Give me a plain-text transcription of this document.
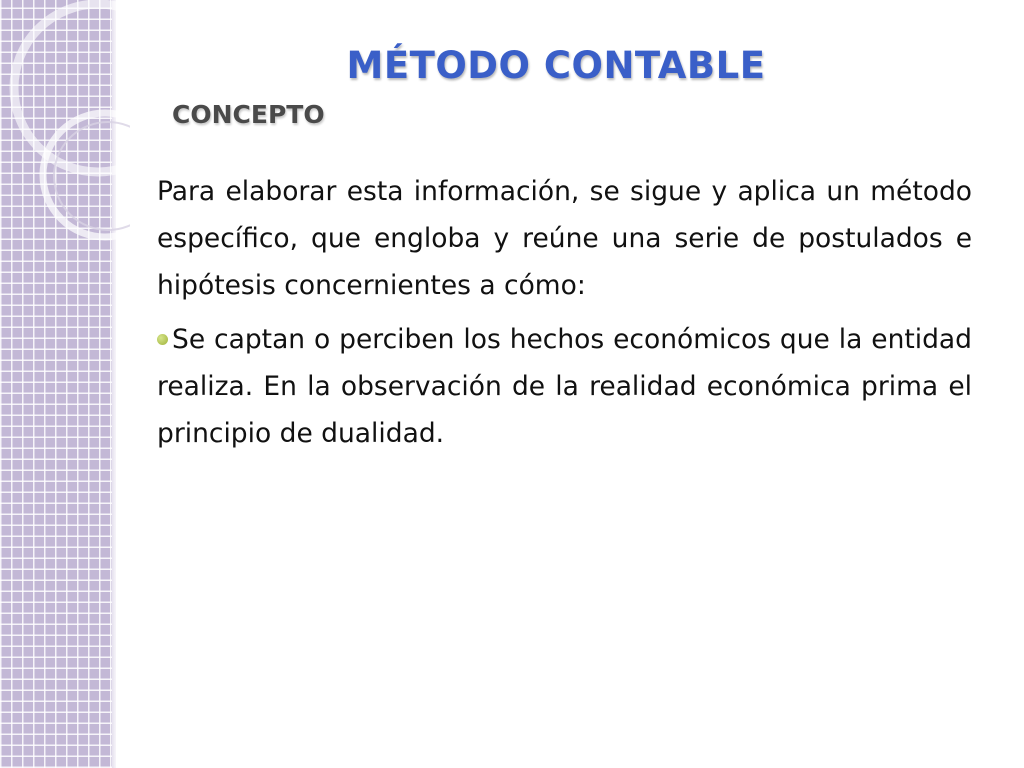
MÉTODO CONTABLE
CONCEPTO

Para elaborar esta información, se sigue y aplica un método específico, que engloba y reúne una serie de postulados e hipótesis concernientes a cómo:

Se captan o perciben los hechos económicos que la entidad realiza. En la observación de la realidad económica prima el principio de dualidad.
